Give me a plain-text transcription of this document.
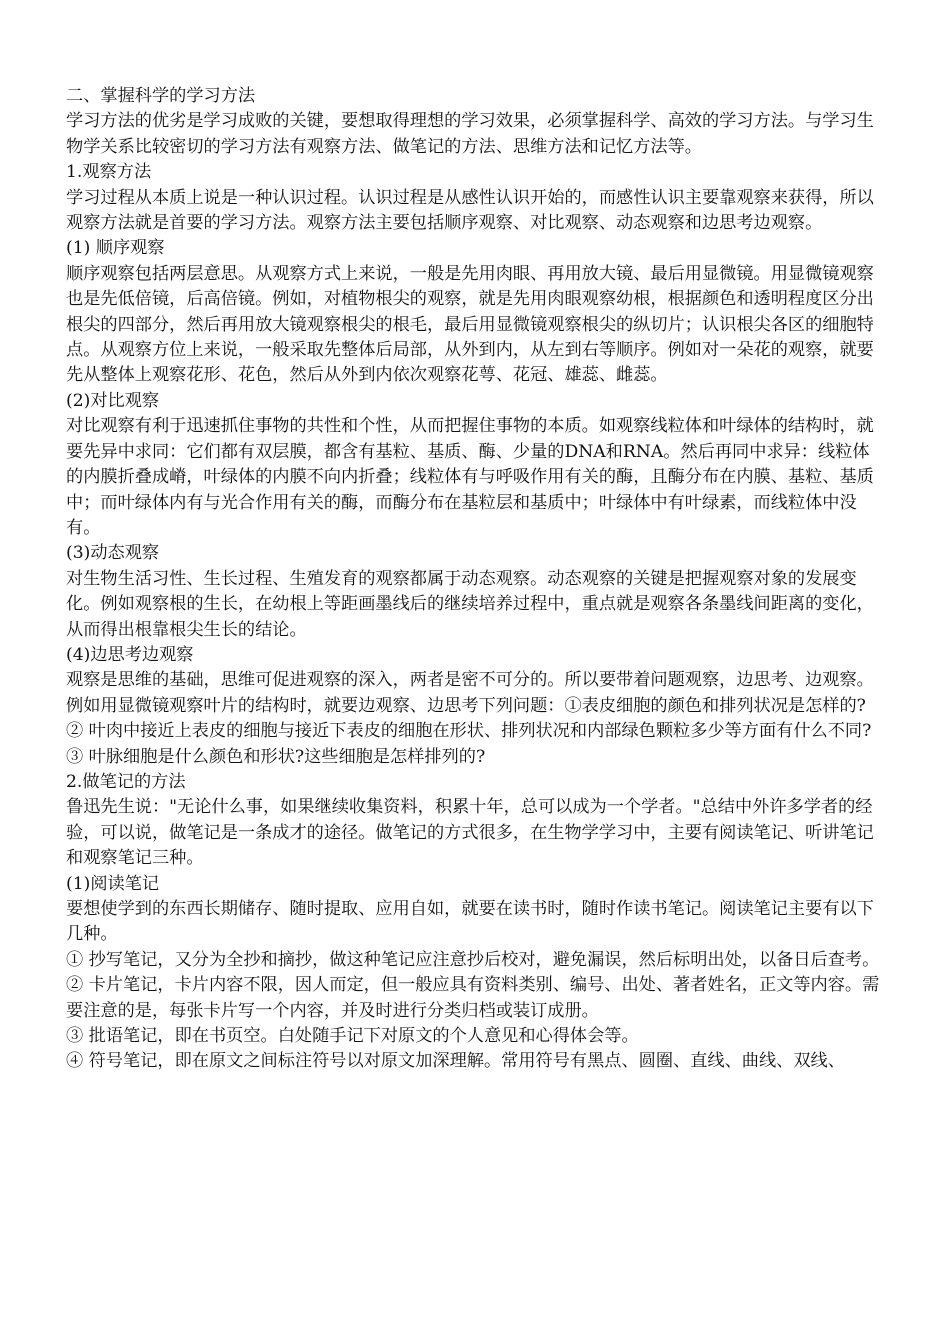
二、掌握科学的学习方法

学习方法的优劣是学习成败的关键，要想取得理想的学习效果，必须掌握科学、高效的学习方法。与学习生物学关系比较密切的学习方法有观察方法、做笔记的方法、思维方法和记忆方法等。

1.观察方法

学习过程从本质上说是一种认识过程。认识过程是从感性认识开始的，而感性认识主要靠观察来获得，所以观察方法就是首要的学习方法。观察方法主要包括顺序观察、对比观察、动态观察和边思考边观察。

(1) 顺序观察

顺序观察包括两层意思。从观察方式上来说，一般是先用肉眼、再用放大镜、最后用显微镜。用显微镜观察也是先低倍镜，后高倍镜。例如，对植物根尖的观察，就是先用肉眼观察幼根，根据颜色和透明程度区分出根尖的四部分，然后再用放大镜观察根尖的根毛，最后用显微镜观察根尖的纵切片；认识根尖各区的细胞特点。从观察方位上来说，一般采取先整体后局部，从外到内，从左到右等顺序。例如对一朵花的观察，就要先从整体上观察花形、花色，然后从外到内依次观察花萼、花冠、雄蕊、雌蕊。

(2)对比观察

对比观察有利于迅速抓住事物的共性和个性，从而把握住事物的本质。如观察线粒体和叶绿体的结构时，就要先异中求同：它们都有双层膜，都含有基粒、基质、酶、少量的DNA和RNA。然后再同中求异：线粒体的内膜折叠成嵴，叶绿体的内膜不向内折叠；线粒体有与呼吸作用有关的酶，且酶分布在内膜、基粒、基质中；而叶绿体内有与光合作用有关的酶，而酶分布在基粒层和基质中；叶绿体中有叶绿素，而线粒体中没有。

(3)动态观察

对生物生活习性、生长过程、生殖发育的观察都属于动态观察。动态观察的关键是把握观察对象的发展变化。例如观察根的生长，在幼根上等距画墨线后的继续培养过程中，重点就是观察各条墨线间距离的变化，从而得出根靠根尖生长的结论。

(4)边思考边观察

观察是思维的基础，思维可促进观察的深入，两者是密不可分的。所以要带着问题观察，边思考、边观察。例如用显微镜观察叶片的结构时，就要边观察、边思考下列问题：①表皮细胞的颜色和排列状况是怎样的?② 叶肉中接近上表皮的细胞与接近下表皮的细胞在形状、排列状况和内部绿色颗粒多少等方面有什么不同?③ 叶脉细胞是什么颜色和形状?这些细胞是怎样排列的?

2.做笔记的方法

鲁迅先生说："无论什么事，如果继续收集资料，积累十年，总可以成为一个学者。"总结中外许多学者的经验，可以说，做笔记是一条成才的途径。做笔记的方式很多，在生物学学习中，主要有阅读笔记、听讲笔记和观察笔记三种。

(1)阅读笔记

要想使学到的东西长期储存、随时提取、应用自如，就要在读书时，随时作读书笔记。阅读笔记主要有以下几种。

① 抄写笔记，又分为全抄和摘抄，做这种笔记应注意抄后校对，避免漏误，然后标明出处，以备日后查考。

② 卡片笔记，卡片内容不限，因人而定，但一般应具有资料类别、编号、出处、著者姓名，正文等内容。需要注意的是，每张卡片写一个内容，并及时进行分类归档或装订成册。

③ 批语笔记，即在书页空。白处随手记下对原文的个人意见和心得体会等。

④ 符号笔记，即在原文之间标注符号以对原文加深理解。常用符号有黑点、圆圈、直线、曲线、双线、
